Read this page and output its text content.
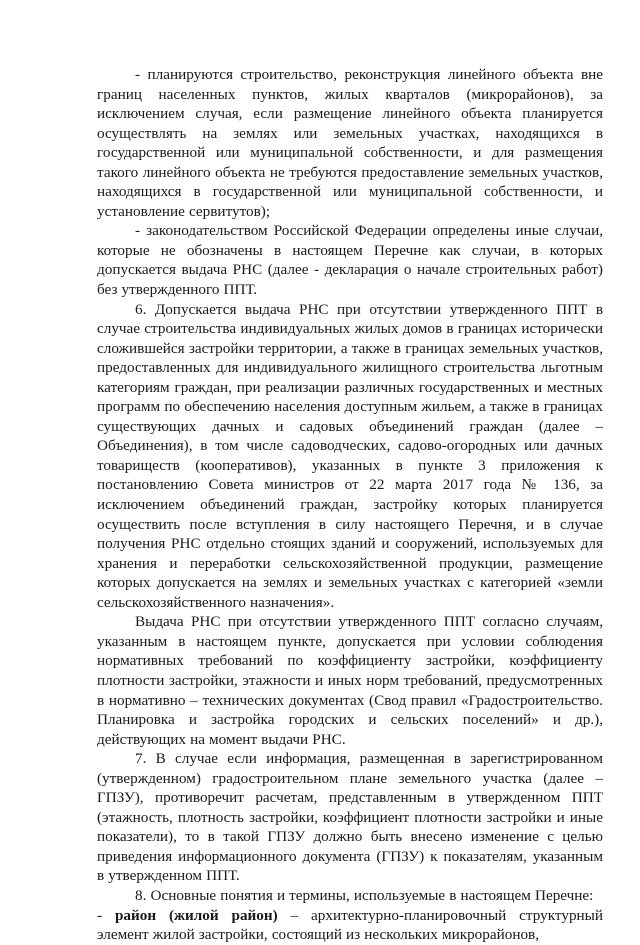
- планируются строительство, реконструкция линейного объекта вне границ населенных пунктов, жилых кварталов (микрорайонов), за исключением случая, если размещение линейного объекта планируется осуществлять на землях или земельных участках, находящихся в государственной или муниципальной собственности, и для размещения такого линейного объекта не требуются предоставление земельных участков, находящихся в государственной или муниципальной собственности, и установление сервитутов);

- законодательством Российской Федерации определены иные случаи, которые не обозначены в настоящем Перечне как случаи, в которых допускается выдача РНС (далее - декларация о начале строительных работ) без утвержденного ППТ.

6. Допускается выдача РНС при отсутствии утвержденного ППТ в случае строительства индивидуальных жилых домов в границах исторически сложившейся застройки территории, а также в границах земельных участков, предоставленных для индивидуального жилищного строительства льготным категориям граждан, при реализации различных государственных и местных программ по обеспечению населения доступным жильем, а также в границах существующих дачных и садовых объединений граждан (далее – Объединения), в том числе садоводческих, садово-огородных или дачных товариществ (кооперативов), указанных в пункте 3 приложения к постановлению Совета министров от 22 марта 2017 года № 136, за исключением объединений граждан, застройку которых планируется осуществить после вступления в силу настоящего Перечня, и в случае получения РНС отдельно стоящих зданий и сооружений, используемых для хранения и переработки сельскохозяйственной продукции, размещение которых допускается на землях и земельных участках с категорией «земли сельскохозяйственного назначения».

Выдача РНС при отсутствии утвержденного ППТ согласно случаям, указанным в настоящем пункте, допускается при условии соблюдения нормативных требований по коэффициенту застройки, коэффициенту плотности застройки, этажности и иных норм требований, предусмотренных в нормативно – технических документах (Свод правил «Градостроительство. Планировка и застройка городских и сельских поселений» и др.), действующих на момент выдачи РНС.

7. В случае если информация, размещенная в зарегистрированном (утвержденном) градостроительном плане земельного участка (далее – ГПЗУ), противоречит расчетам, представленным в утвержденном ППТ (этажность, плотность застройки, коэффициент плотности застройки и иные показатели), то в такой ГПЗУ должно быть внесено изменение с целью приведения информационного документа (ГПЗУ) к показателям, указанным в утвержденном ППТ.

8. Основные понятия и термины, используемые в настоящем Перечне:

- район (жилой район) – архитектурно-планировочный структурный элемент жилой застройки, состоящий из нескольких микрорайонов,
